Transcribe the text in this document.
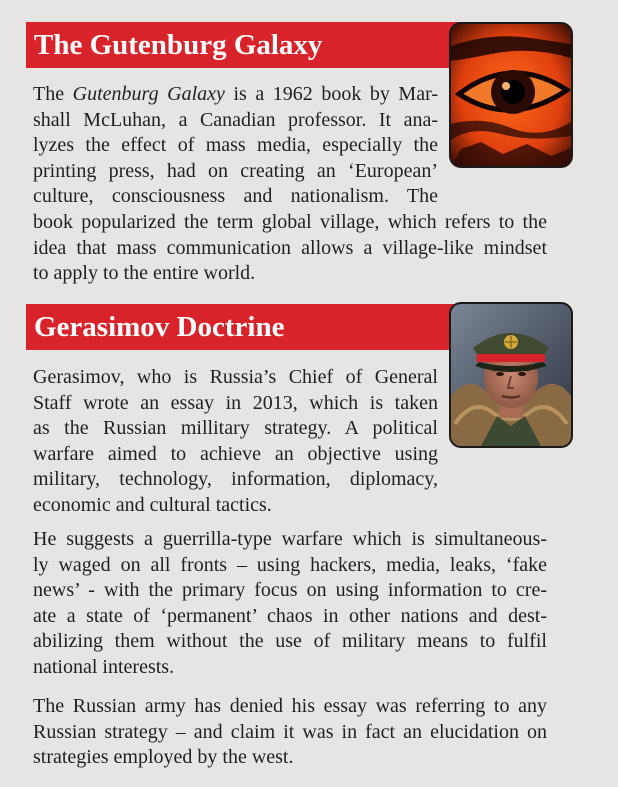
The Gutenburg Galaxy
The Gutenburg Galaxy is a 1962 book by Mar-
shall McLuhan, a Canadian professor. It ana-
lyzes the effect of mass media, especially the
printing press, had on creating an ‘European’
culture, consciousness and nationalism. The
book popularized the term global village, which refers to the
idea that mass communication allows a village-like mindset
to apply to the entire world.
Gerasimov Doctrine
Gerasimov, who is Russia’s Chief of General
Staff wrote an essay in 2013, which is taken
as the Russian millitary strategy. A political
warfare aimed to achieve an objective using
military, technology, information, diplomacy,
economic and cultural tactics.
He suggests a guerrilla-type warfare which is simultaneous-
ly waged on all fronts – using hackers, media, leaks, ‘fake
news’ - with the primary focus on using information to cre-
ate a state of ‘permanent’ chaos in other nations and dest-
abilizing them without the use of military means to fulfil
national interests.
The Russian army has denied his essay was referring to any
Russian strategy – and claim it was in fact an elucidation on
strategies employed by the west.
